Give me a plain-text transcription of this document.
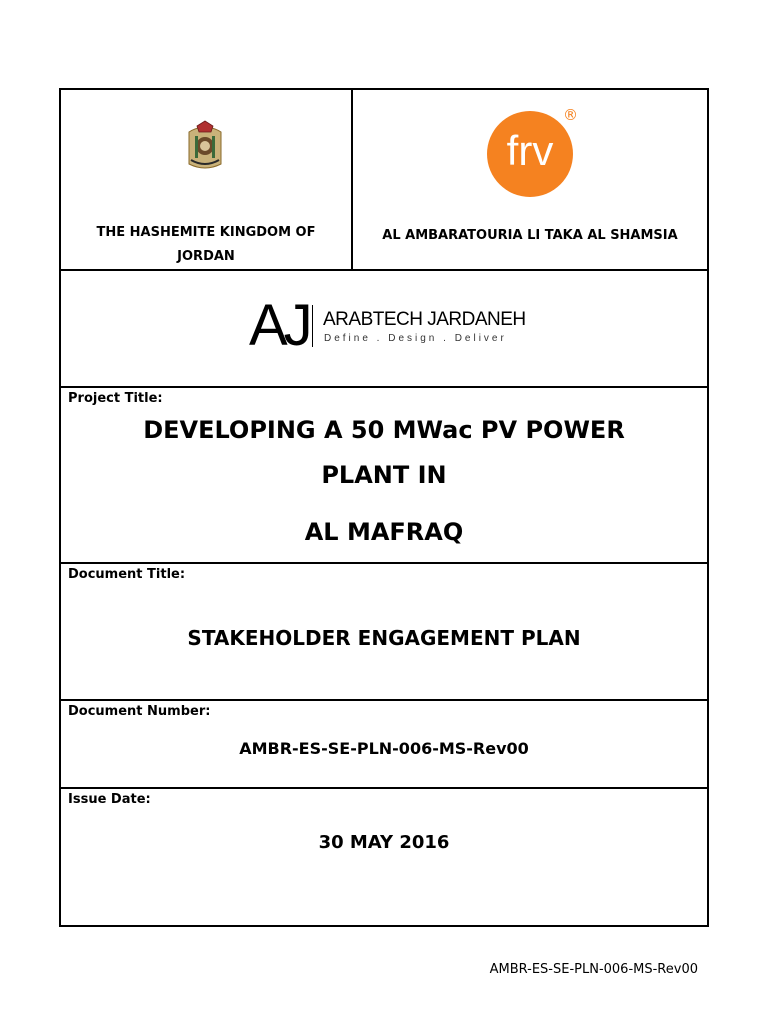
THE HASHEMITE KINGDOM OF JORDAN
frv
®
AL AMBARATOURIA LI TAKA AL SHAMSIA
AJ ARABTECH JARDANEH
Define . Design . Deliver
Project Title:
DEVELOPING A 50 MWac PV POWER
PLANT IN
AL MAFRAQ
Document Title:
STAKEHOLDER ENGAGEMENT PLAN
Document Number:
AMBR-ES-SE-PLN-006-MS-Rev00
Issue Date:
30 MAY 2016
AMBR-ES-SE-PLN-006-MS-Rev00
